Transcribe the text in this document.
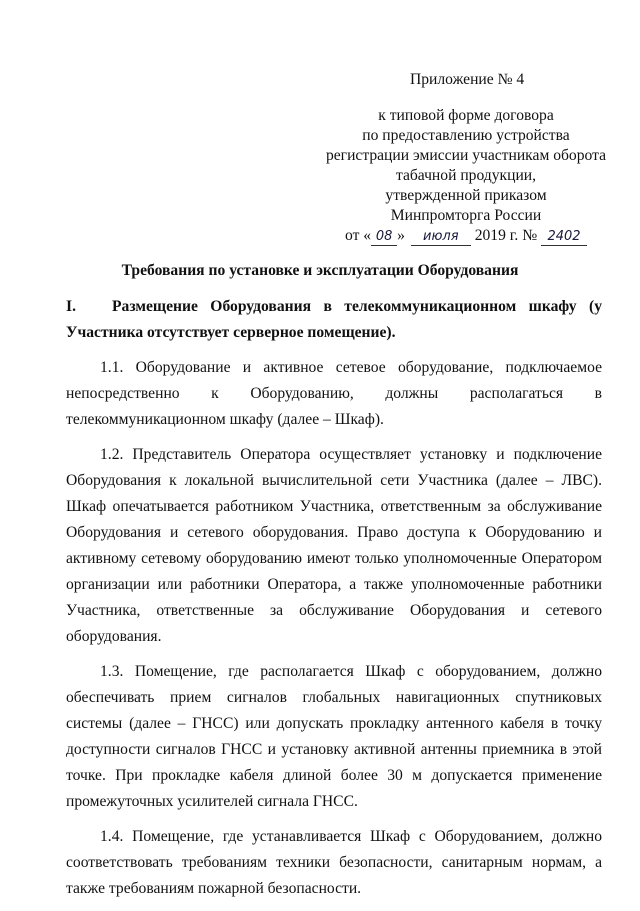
Приложение № 4
к типовой форме договора
по предоставлению устройства
регистрации эмиссии участникам оборота
табачной продукции,
утвержденной приказом
Минпромторга России
от « 08 » июля 2019 г. № 2402
Требования по установке и эксплуатации Оборудования
I. Размещение Оборудования в телекоммуникационном шкафу (у Участника отсутствует серверное помещение).

1.1. Оборудование и активное сетевое оборудование, подключаемое непосредственно к Оборудованию, должны располагаться в телекоммуникационном шкафу (далее – Шкаф).

1.2. Представитель Оператора осуществляет установку и подключение Оборудования к локальной вычислительной сети Участника (далее – ЛВС). Шкаф опечатывается работником Участника, ответственным за обслуживание Оборудования и сетевого оборудования. Право доступа к Оборудованию и активному сетевому оборудованию имеют только уполномоченные Оператором организации или работники Оператора, а также уполномоченные работники Участника, ответственные за обслуживание Оборудования и сетевого оборудования.

1.3. Помещение, где располагается Шкаф с оборудованием, должно обеспечивать прием сигналов глобальных навигационных спутниковых системы (далее – ГНСС) или допускать прокладку антенного кабеля в точку доступности сигналов ГНСС и установку активной антенны приемника в этой точке. При прокладке кабеля длиной более 30 м допускается применение промежуточных усилителей сигнала ГНСС.

1.4. Помещение, где устанавливается Шкаф с Оборудованием, должно соответствовать требованиям техники безопасности, санитарным нормам, а также требованиям пожарной безопасности.
